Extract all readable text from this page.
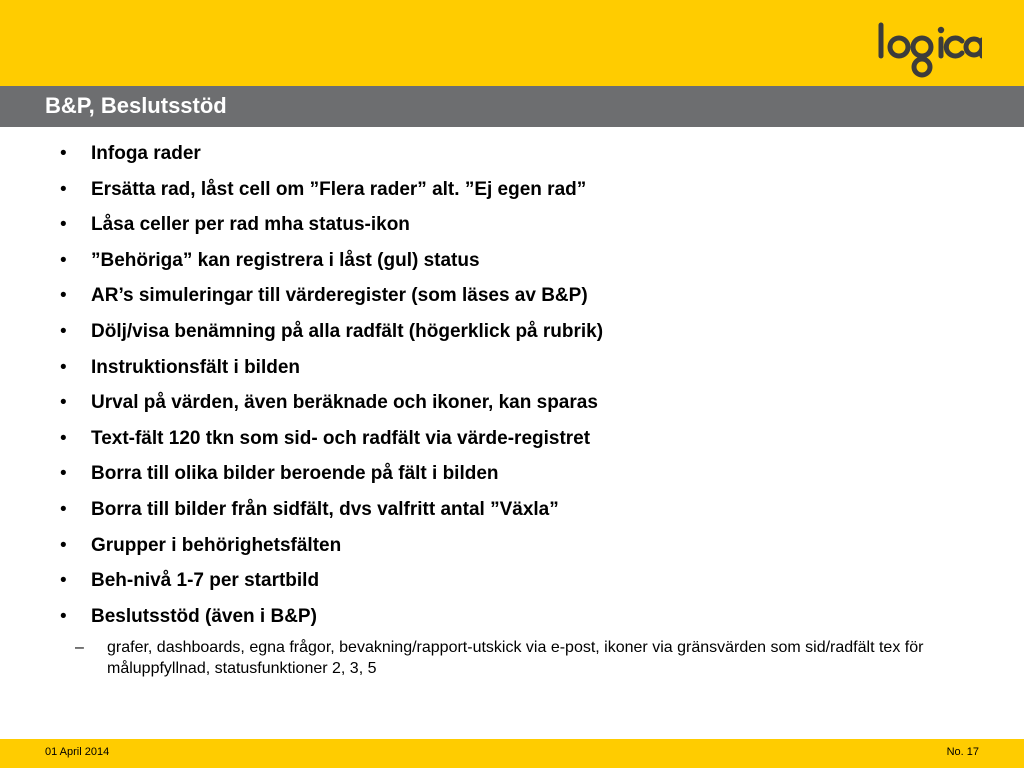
B&P, Beslutsstöd
• Infoga rader
• Ersätta rad, låst cell om ”Flera rader” alt. ”Ej egen rad”
• Låsa celler per rad mha status-ikon
• ”Behöriga” kan registrera i låst (gul) status
• AR’s simuleringar till värderegister (som läses av B&P)
• Dölj/visa benämning på alla radfält (högerklick på rubrik)
• Instruktionsfält i bilden
• Urval på värden, även beräknade och ikoner, kan sparas
• Text-fält 120 tkn som sid- och radfält via värde-registret
• Borra till olika bilder beroende på fält i bilden
• Borra till bilder från sidfält, dvs valfritt antal ”Växla”
• Grupper i behörighetsfälten
• Beh-nivå 1-7 per startbild
• Beslutsstöd (även i B&P)
– grafer, dashboards, egna frågor, bevakning/rapport-utskick via e-post, ikoner via gränsvärden som sid/radfält tex för måluppfyllnad, statusfunktioner 2, 3, 5
01 April 2014	No. 17
